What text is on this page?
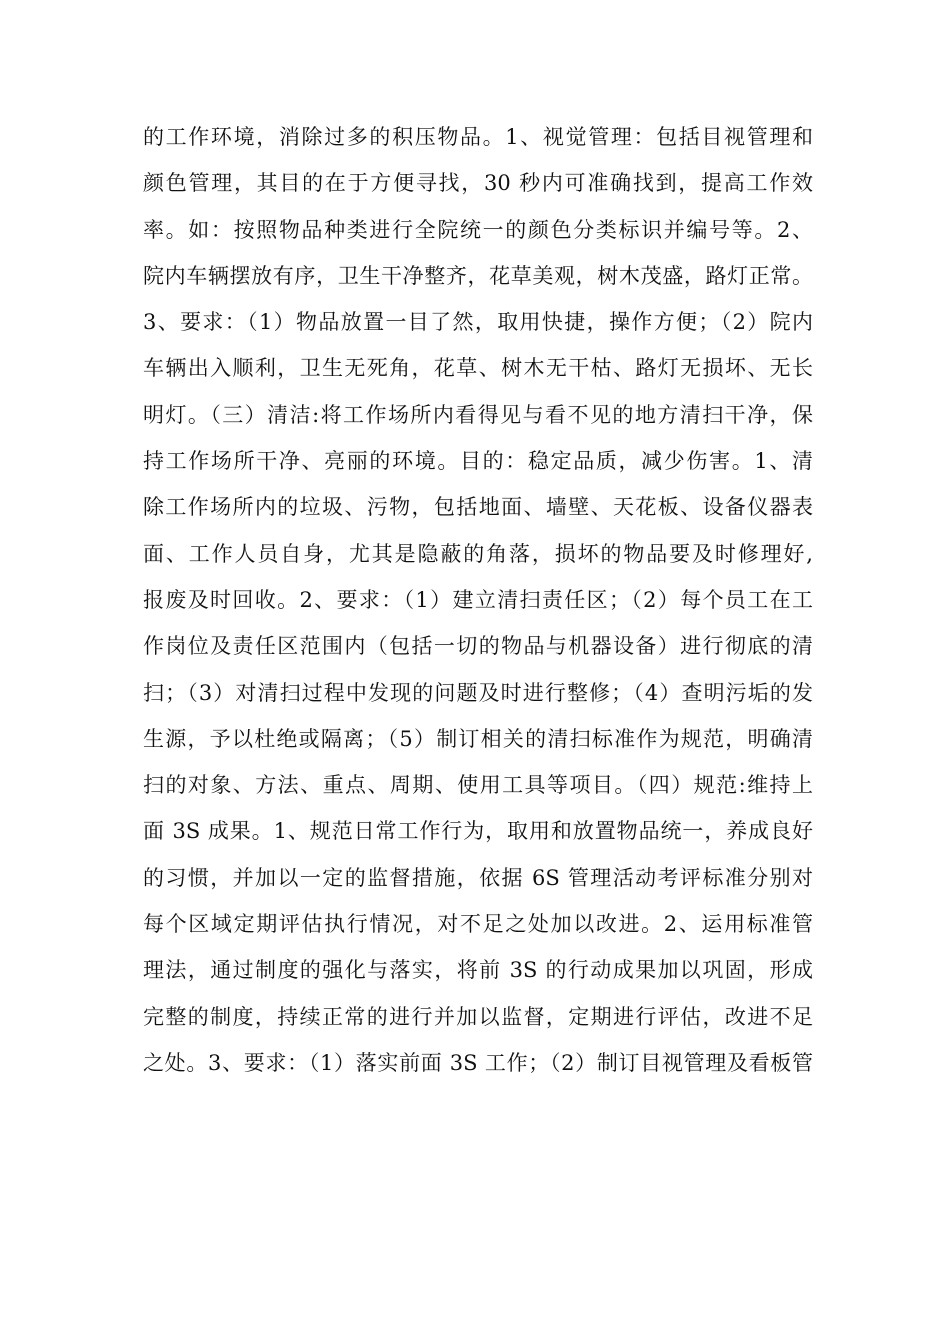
的工作环境，消除过多的积压物品。1、视觉管理：包括目视管理和
颜色管理，其目的在于方便寻找，30 秒内可准确找到，提高工作效
率。如：按照物品种类进行全院统一的颜色分类标识并编号等。2、
院内车辆摆放有序，卫生干净整齐，花草美观，树木茂盛，路灯正常。
3、要求：（1）物品放置一目了然，取用快捷，操作方便；（2）院内
车辆出入顺利，卫生无死角，花草、树木无干枯、路灯无损坏、无长
明灯。（三）清洁:将工作场所内看得见与看不见的地方清扫干净，保
持工作场所干净、亮丽的环境。目的：稳定品质，减少伤害。1、清
除工作场所内的垃圾、污物，包括地面、墙壁、天花板、设备仪器表
面、工作人员自身，尤其是隐蔽的角落，损坏的物品要及时修理好,
报废及时回收。2、要求：（1）建立清扫责任区；（2）每个员工在工
作岗位及责任区范围内（包括一切的物品与机器设备）进行彻底的清
扫；（3）对清扫过程中发现的问题及时进行整修；（4）查明污垢的发
生源，予以杜绝或隔离；（5）制订相关的清扫标准作为规范，明确清
扫的对象、方法、重点、周期、使用工具等项目。（四）规范:维持上
面 3S 成果。1、规范日常工作行为，取用和放置物品统一，养成良好
的习惯，并加以一定的监督措施，依据 6S 管理活动考评标准分别对
每个区域定期评估执行情况，对不足之处加以改进。2、运用标准管
理法，通过制度的强化与落实，将前 3S 的行动成果加以巩固，形成
完整的制度，持续正常的进行并加以监督，定期进行评估，改进不足
之处。3、要求：（1）落实前面 3S 工作；（2）制订目视管理及看板管
